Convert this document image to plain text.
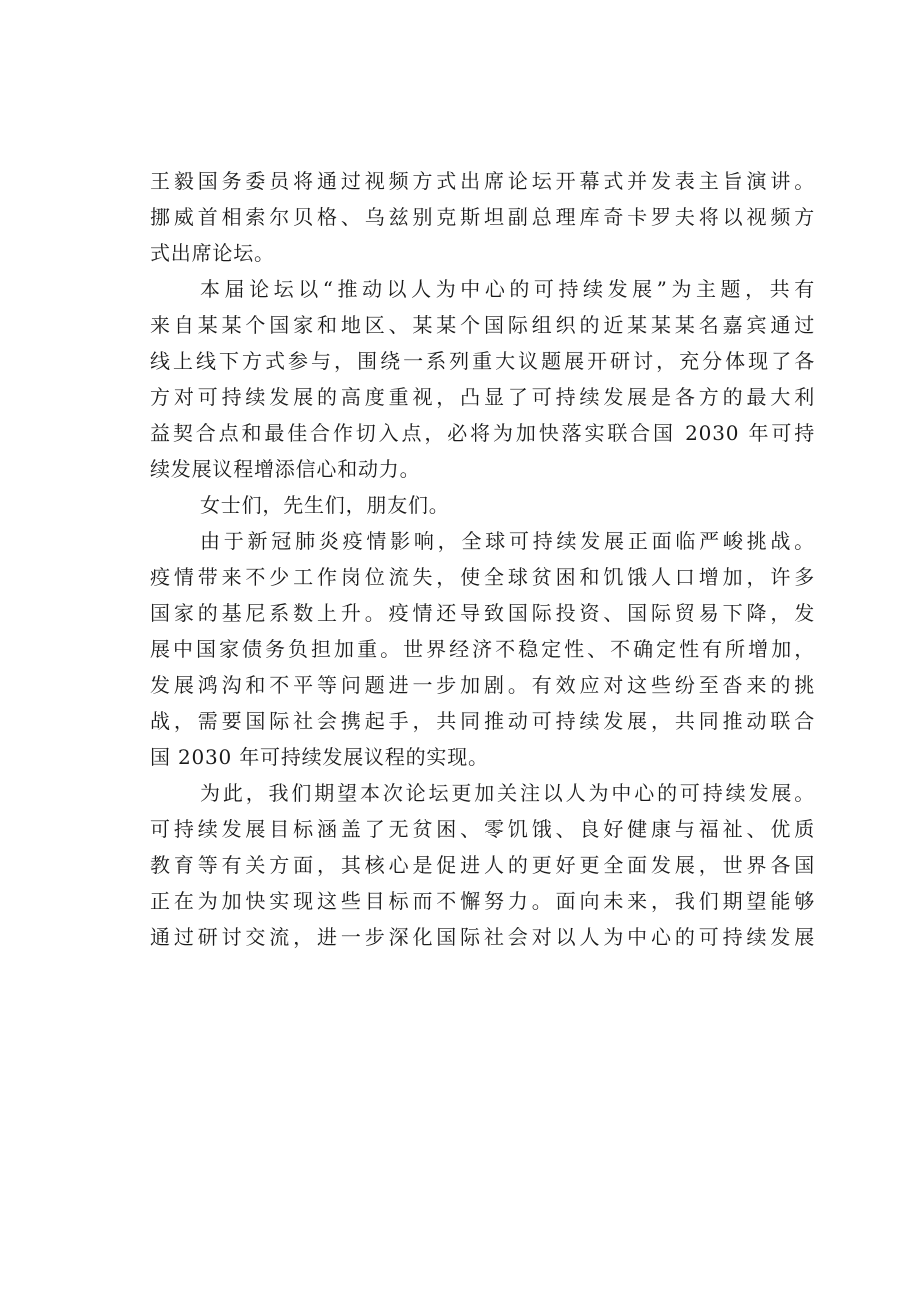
王毅国务委员将通过视频方式出席论坛开幕式并发表主旨演讲。

挪威首相索尔贝格、乌兹别克斯坦副总理库奇卡罗夫将以视频方

式出席论坛。

本届论坛以“推动以人为中心的可持续发展”为主题，共有

来自某某个国家和地区、某某个国际组织的近某某某名嘉宾通过

线上线下方式参与，围绕一系列重大议题展开研讨，充分体现了各

方对可持续发展的高度重视，凸显了可持续发展是各方的最大利

益契合点和最佳合作切入点，必将为加快落实联合国 2030 年可持

续发展议程增添信心和动力。

女士们，先生们，朋友们。

由于新冠肺炎疫情影响，全球可持续发展正面临严峻挑战。

疫情带来不少工作岗位流失，使全球贫困和饥饿人口增加，许多

国家的基尼系数上升。疫情还导致国际投资、国际贸易下降，发

展中国家债务负担加重。世界经济不稳定性、不确定性有所增加，

发展鸿沟和不平等问题进一步加剧。有效应对这些纷至沓来的挑

战，需要国际社会携起手，共同推动可持续发展，共同推动联合

国 2030 年可持续发展议程的实现。

为此，我们期望本次论坛更加关注以人为中心的可持续发展。

可持续发展目标涵盖了无贫困、零饥饿、良好健康与福祉、优质

教育等有关方面，其核心是促进人的更好更全面发展，世界各国

正在为加快实现这些目标而不懈努力。面向未来，我们期望能够

通过研讨交流，进一步深化国际社会对以人为中心的可持续发展
